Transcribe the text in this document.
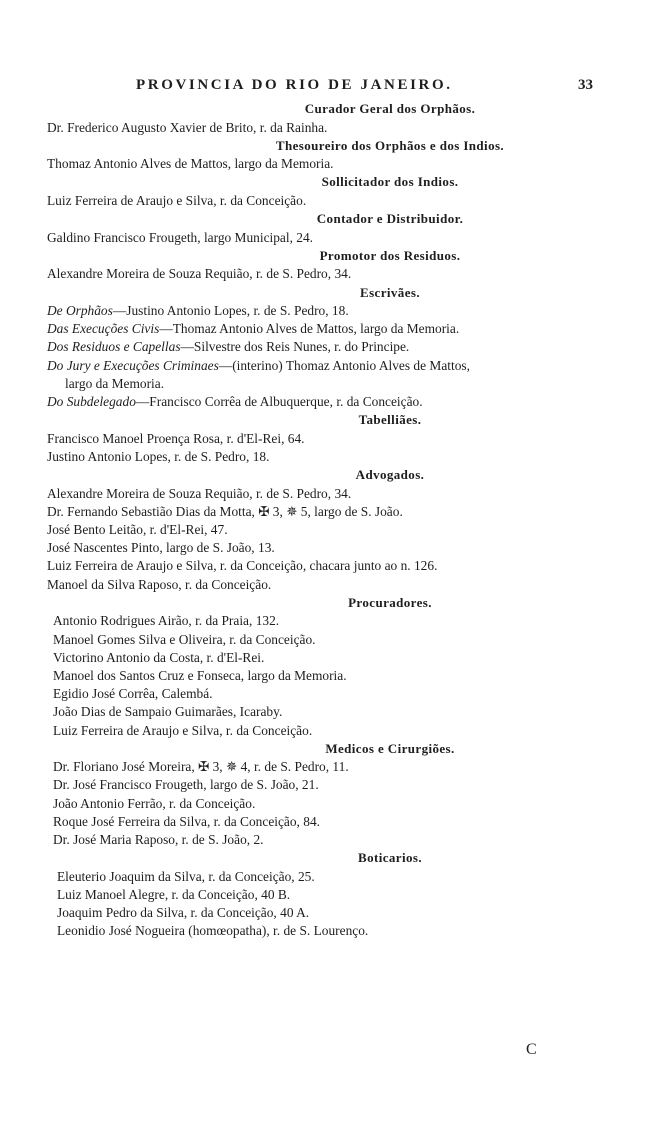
PROVINCIA DO RIO DE JANEIRO.	33
Curador Geral dos Orphãos.
Dr. Frederico Augusto Xavier de Brito, r. da Rainha.
Thesoureiro dos Orphãos e dos Indios.
Thomaz Antonio Alves de Mattos, largo da Memoria.
Sollicitador dos Indios.
Luiz Ferreira de Araujo e Silva, r. da Conceição.
Contador e Distribuidor.
Galdino Francisco Frougeth, largo Municipal, 24.
Promotor dos Residuos.
Alexandre Moreira de Souza Requião, r. de S. Pedro, 34.
Escrivães.
De Orphãos—Justino Antonio Lopes, r. de S. Pedro, 18.
Das Execuções Civis—Thomaz Antonio Alves de Mattos, largo da Memoria.
Dos Residuos e Capellas—Silvestre dos Reis Nunes, r. do Principe.
Do Jury e Execuções Criminaes—(interino) Thomaz Antonio Alves de Mattos,
largo da Memoria.
Do Subdelegado—Francisco Corrêa de Albuquerque, r. da Conceição.
Tabelliães.
Francisco Manoel Proença Rosa, r. d'El-Rei, 64.
Justino Antonio Lopes, r. de S. Pedro, 18.
Advogados.
Alexandre Moreira de Souza Requião, r. de S. Pedro, 34.
Dr. Fernando Sebastião Dias da Motta, ✠ 3, ✵ 5, largo de S. João.
José Bento Leitão, r. d'El-Rei, 47.
José Nascentes Pinto, largo de S. João, 13.
Luiz Ferreira de Araujo e Silva, r. da Conceição, chacara junto ao n. 126.
Manoel da Silva Raposo, r. da Conceição.
Procuradores.
Antonio Rodrigues Airão, r. da Praia, 132.
Manoel Gomes Silva e Oliveira, r. da Conceição.
Victorino Antonio da Costa, r. d'El-Rei.
Manoel dos Santos Cruz e Fonseca, largo da Memoria.
Egidio José Corrêa, Calembá.
João Dias de Sampaio Guimarães, Icaraby.
Luiz Ferreira de Araujo e Silva, r. da Conceição.
Medicos e Cirurgiões.
Dr. Floriano José Moreira, ✠ 3, ✵ 4, r. de S. Pedro, 11.
Dr. José Francisco Frougeth, largo de S. João, 21.
João Antonio Ferrão, r. da Conceição.
Roque José Ferreira da Silva, r. da Conceição, 84.
Dr. José Maria Raposo, r. de S. João, 2.
Boticarios.
Eleuterio Joaquim da Silva, r. da Conceição, 25.
Luiz Manoel Alegre, r. da Conceição, 40 B.
Joaquim Pedro da Silva, r. da Conceição, 40 A.
Leonidio José Nogueira (homœopatha), r. de S. Lourenço.
C
